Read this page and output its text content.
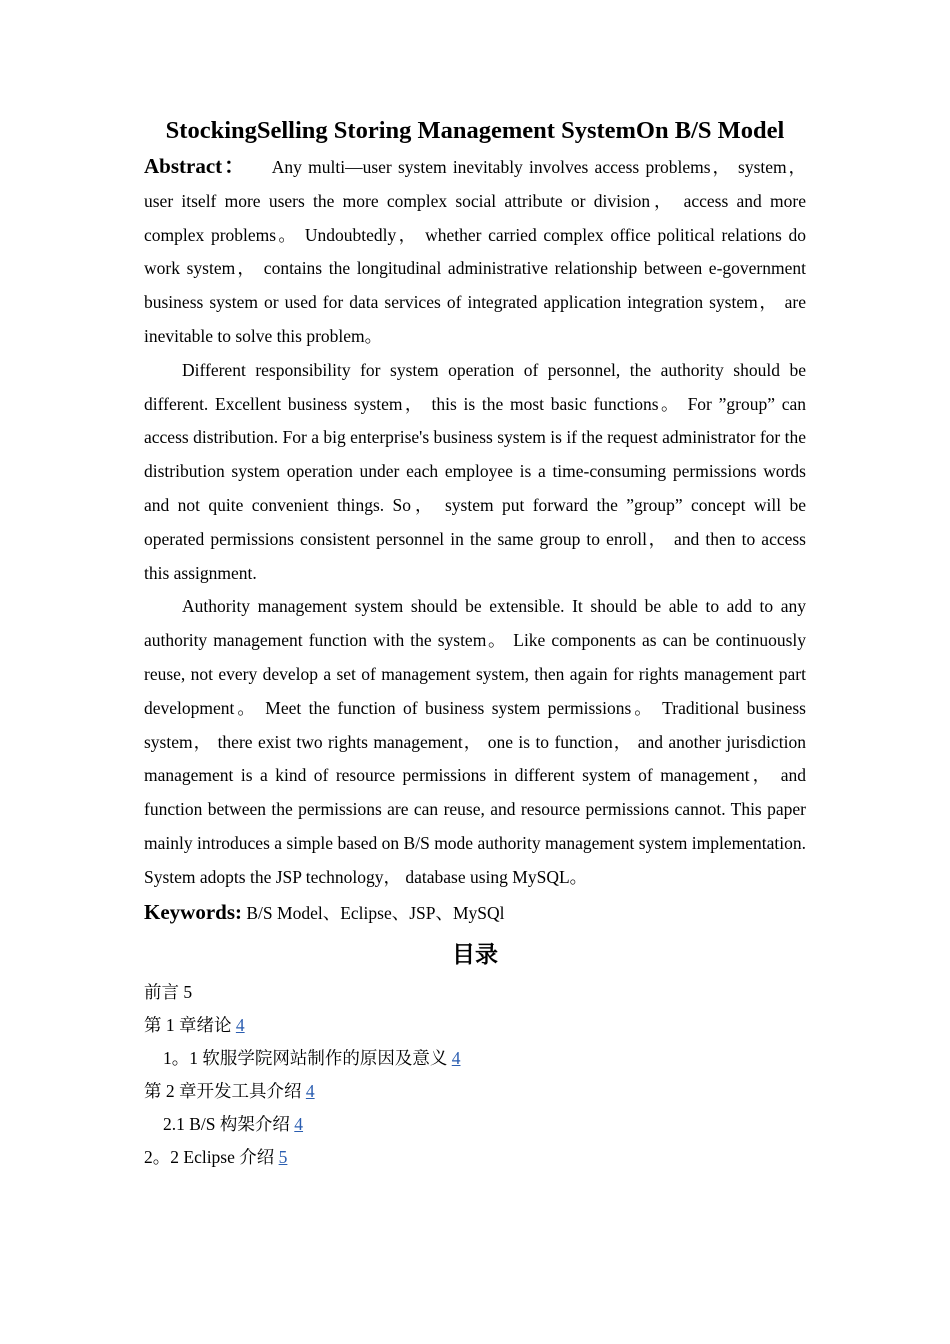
StockingSelling Storing Management SystemOn B/S Model

Abstract： Any multi—user system inevitably involves access problems， system， user itself more users the more complex social attribute or division， access and more complex problems。 Undoubtedly， whether carried complex office political relations do work system， contains the longitudinal administrative relationship between e-government business system or used for data services of integrated application integration system， are inevitable to solve this problem。

Different responsibility for system operation of personnel, the authority should be different. Excellent business system， this is the most basic functions。 For ”group” can access distribution. For a big enterprise's business system is if the request administrator for the distribution system operation under each employee is a time-consuming permissions words and not quite convenient things. So， system put forward the ”group” concept will be operated permissions consistent personnel in the same group to enroll， and then to access this assignment.

Authority management system should be extensible. It should be able to add to any authority management function with the system。 Like components as can be continuously reuse, not every develop a set of management system, then again for rights management part development。 Meet the function of business system permissions。 Traditional business system， there exist two rights management， one is to function， and another jurisdiction management is a kind of resource permissions in different system of management， and function between the permissions are can reuse, and resource permissions cannot. This paper mainly introduces a simple based on B/S mode authority management system implementation. System adopts the JSP technology， database using MySQL。

Keywords: B/S Model、Eclipse、JSP、MySQl

目录

前言 5

第 1 章绪论 4

1。1 软服学院网站制作的原因及意义 4

第 2 章开发工具介绍 4

2.1 B/S 构架介绍 4

2。2 Eclipse 介绍 5
